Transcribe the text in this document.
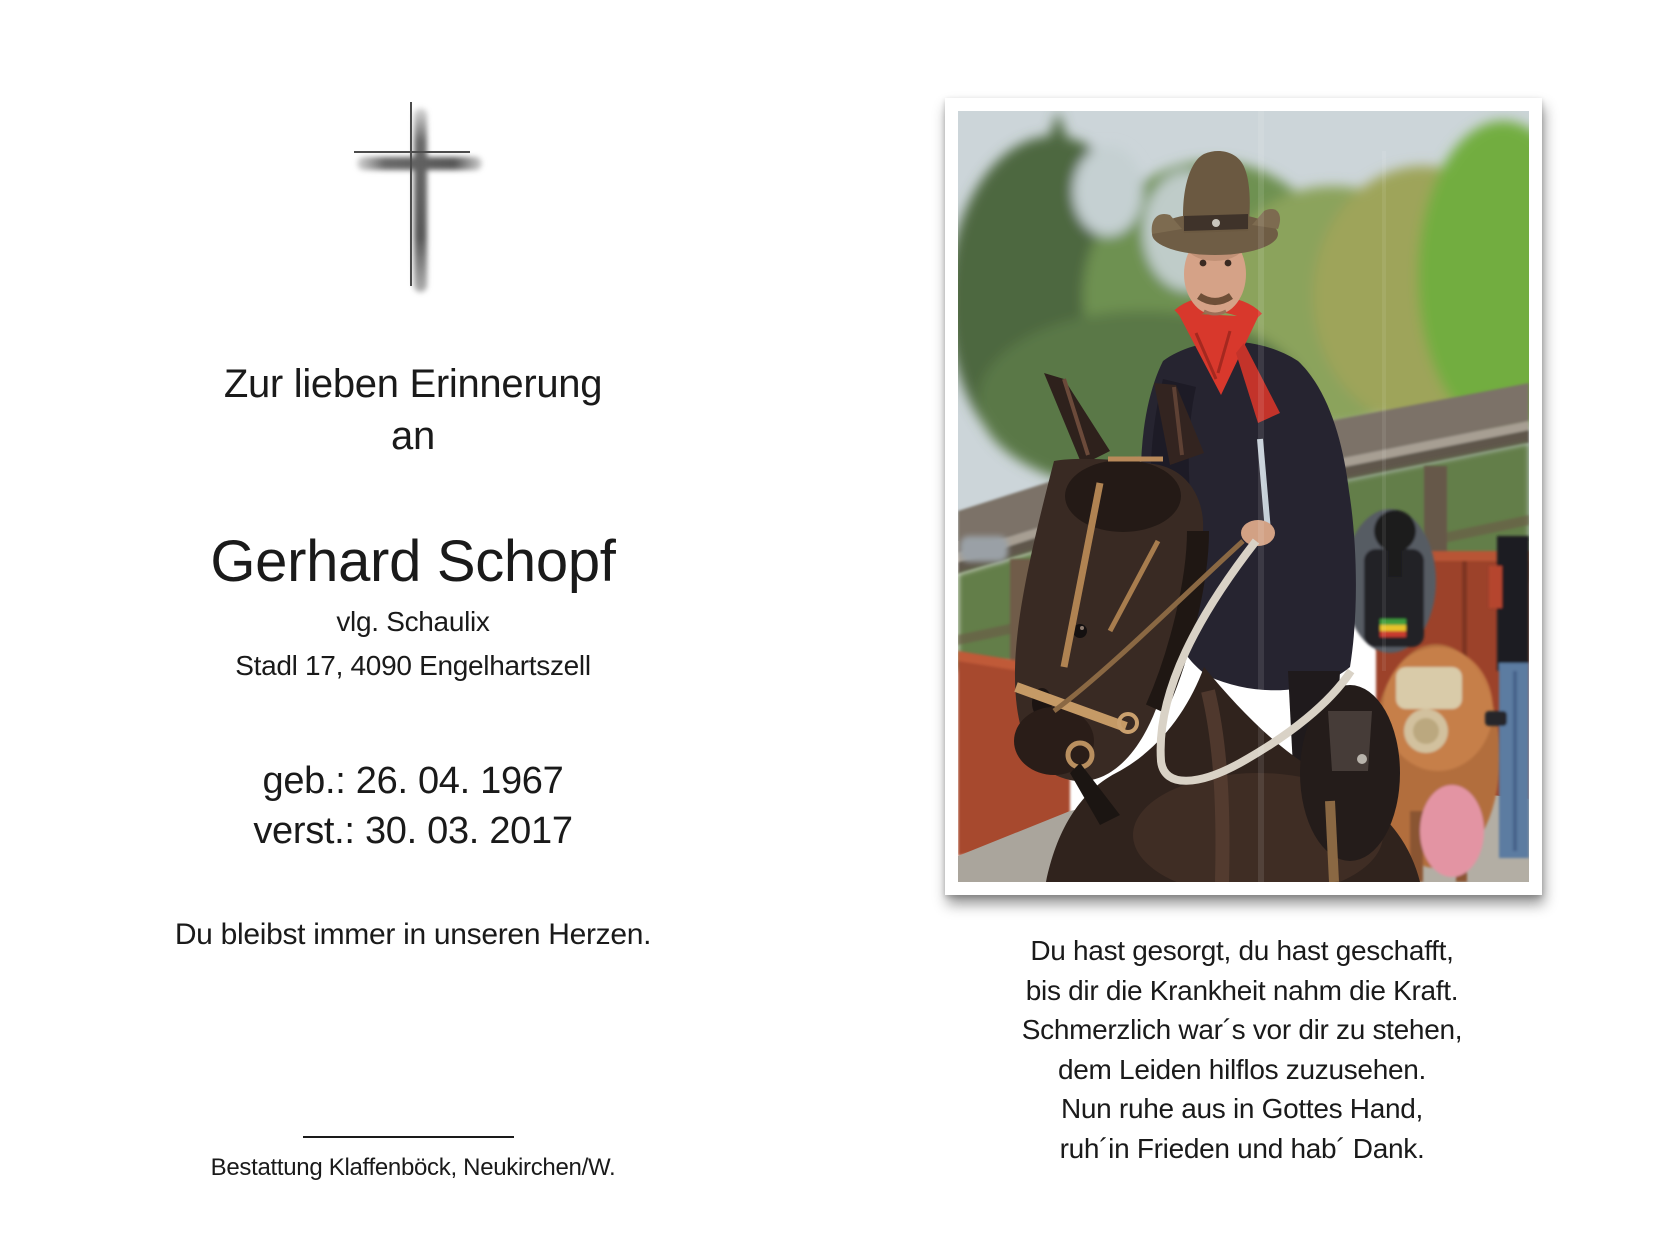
Zur lieben Erinnerung
an
Gerhard Schopf
vlg. Schaulix
Stadl 17, 4090 Engelhartszell
geb.: 26. 04. 1967
verst.: 30. 03. 2017
Du bleibst immer in unseren Herzen.
Bestattung Klaffenböck, Neukirchen/W.
Du hast gesorgt, du hast geschafft,
bis dir die Krankheit nahm die Kraft.
Schmerzlich war´s vor dir zu stehen,
dem Leiden hilflos zuzusehen.
Nun ruhe aus in Gottes Hand,
ruh´in Frieden und hab´ Dank.
